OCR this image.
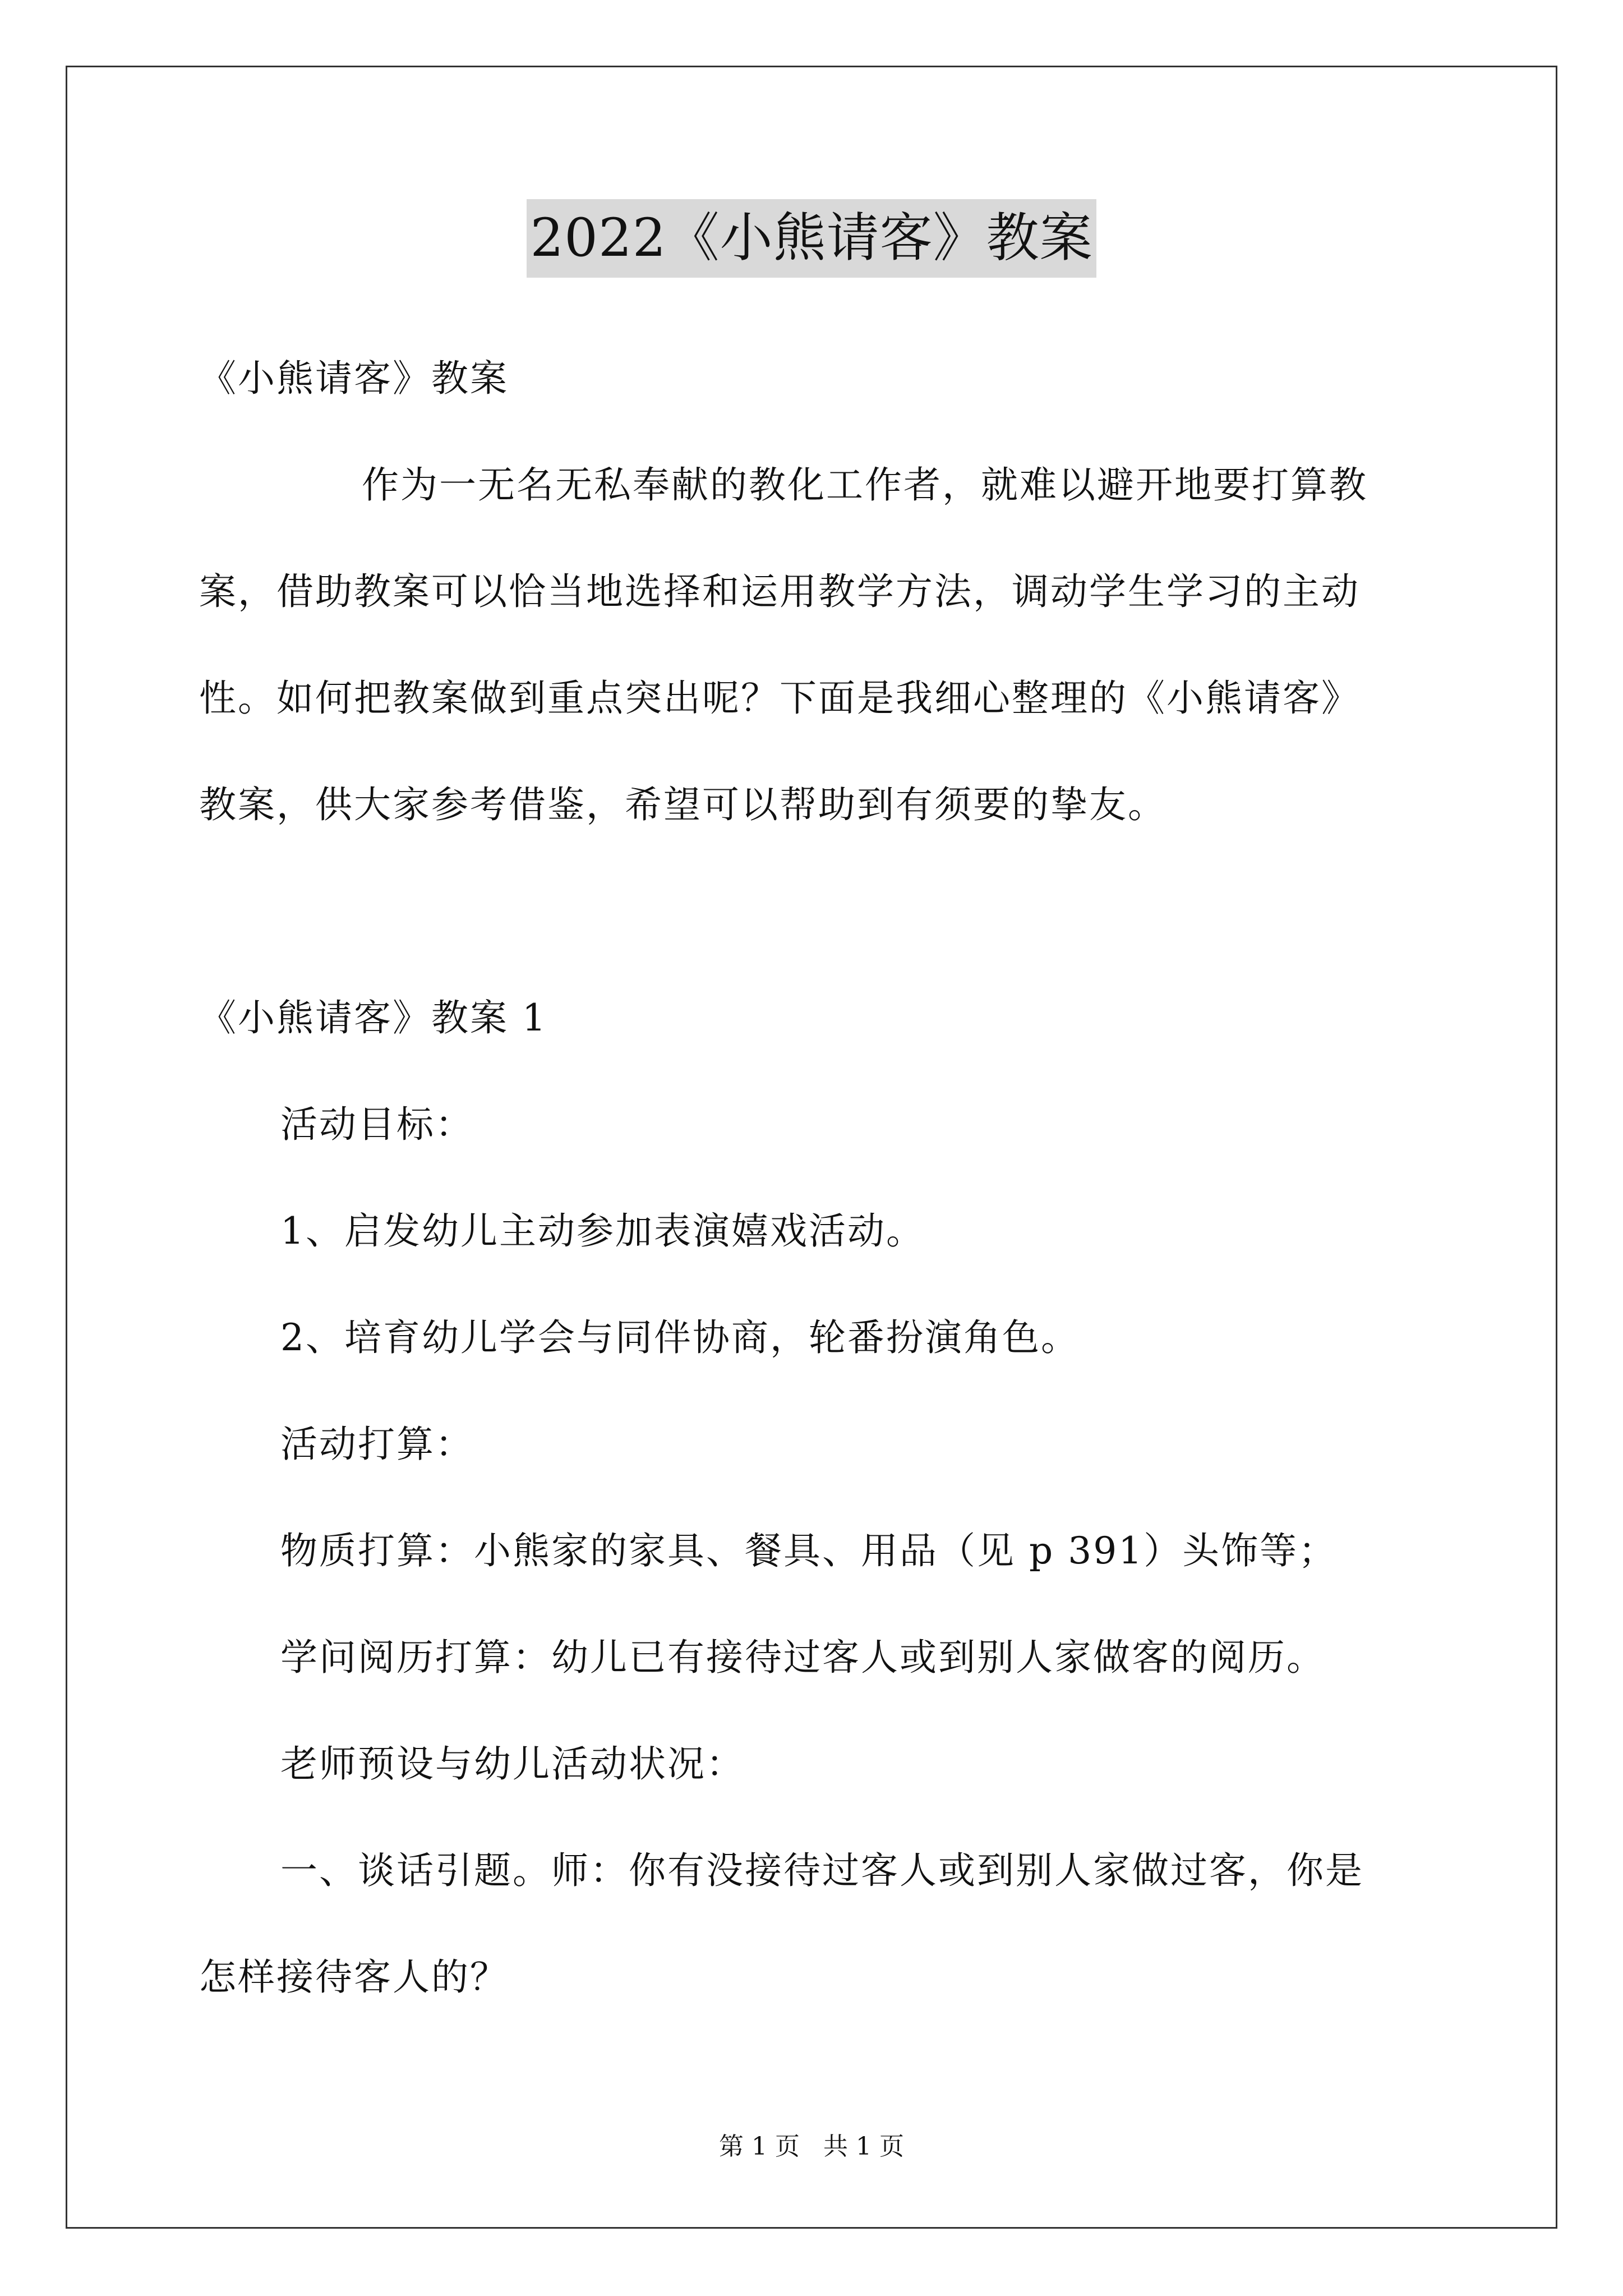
2022《小熊请客》教案
《小熊请客》教案
作为一无名无私奉献的教化工作者，就难以避开地要打算教
案，借助教案可以恰当地选择和运用教学方法，调动学生学习的主动
性。如何把教案做到重点突出呢？下面是我细心整理的《小熊请客》
教案，供大家参考借鉴，希望可以帮助到有须要的挚友。
《小熊请客》教案 1
活动目标：
1、启发幼儿主动参加表演嬉戏活动。
2、培育幼儿学会与同伴协商，轮番扮演角色。
活动打算：
物质打算：小熊家的家具、餐具、用品（见 p 391）头饰等；
学问阅历打算：幼儿已有接待过客人或到别人家做客的阅历。
老师预设与幼儿活动状况：
一、谈话引题。师：你有没接待过客人或到别人家做过客，你是
怎样接待客人的？
第 1 页 共 1 页
